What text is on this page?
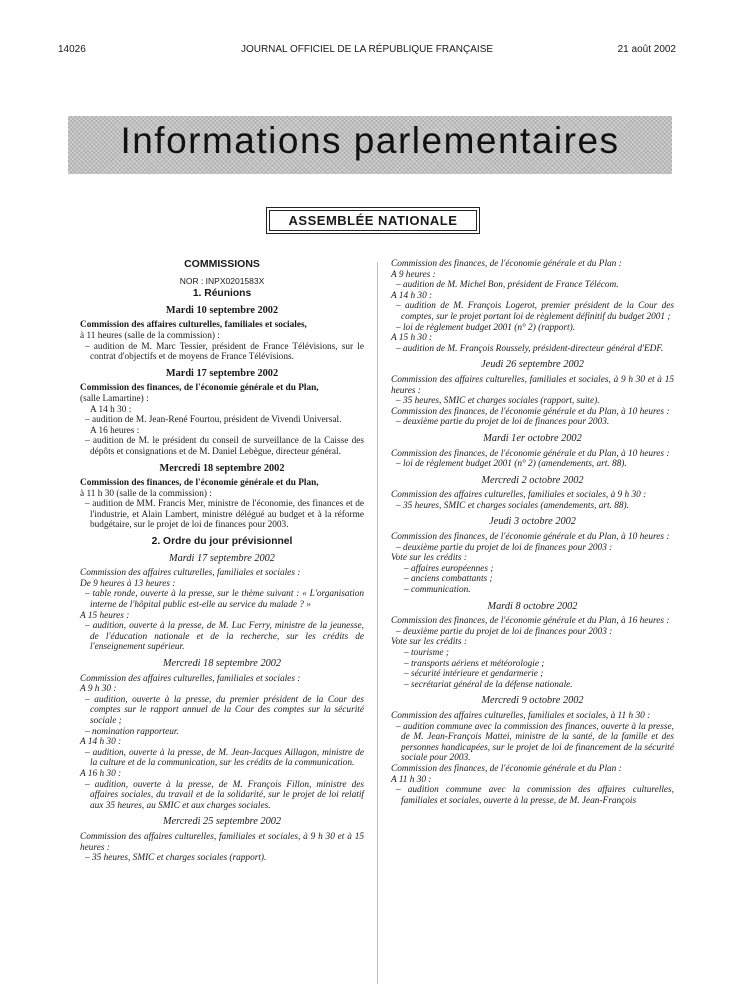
14026	JOURNAL OFFICIEL DE LA RÉPUBLIQUE FRANÇAISE	21 août 2002
Informations parlementaires
ASSEMBLÉE NATIONALE

COMMISSIONS

NOR : INPX0201583X

1. Réunions

Mardi 10 septembre 2002

Commission des affaires culturelles, familiales et sociales,

à 11 heures (salle de la commission) :

– audition de M. Marc Tessier, président de France Télévisions, sur le contrat d'objectifs et de moyens de France Télévisions.

Mardi 17 septembre 2002

Commission des finances, de l'économie générale et du Plan,

(salle Lamartine) :

A 14 h 30 :

– audition de M. Jean-René Fourtou, président de Vivendi Universal.

A 16 heures :

– audition de M. le président du conseil de surveillance de la Caisse des dépôts et consignations et de M. Daniel Lebègue, directeur général.

Mercredi 18 septembre 2002

Commission des finances, de l'économie générale et du Plan,

à 11 h 30 (salle de la commission) :

– audition de MM. Francis Mer, ministre de l'économie, des finances et de l'industrie, et Alain Lambert, ministre délégué au budget et à la réforme budgétaire, sur le projet de loi de finances pour 2003.

2. Ordre du jour prévisionnel

Mardi 17 septembre 2002

Commission des affaires culturelles, familiales et sociales :

De 9 heures à 13 heures :

– table ronde, ouverte à la presse, sur le thème suivant : « L'organisation interne de l'hôpital public est-elle au service du malade ? »

A 15 heures :

– audition, ouverte à la presse, de M. Luc Ferry, ministre de la jeunesse, de l'éducation nationale et de la recherche, sur les crédits de l'enseignement supérieur.

Mercredi 18 septembre 2002

Commission des affaires culturelles, familiales et sociales :

A 9 h 30 :

– audition, ouverte à la presse, du premier président de la Cour des comptes sur le rapport annuel de la Cour des comptes sur la sécurité sociale ;

– nomination rapporteur.

A 14 h 30 :

– audition, ouverte à la presse, de M. Jean-Jacques Aillagon, ministre de la culture et de la communication, sur les crédits de la communication.

A 16 h 30 :

– audition, ouverte à la presse, de M. François Fillon, ministre des affaires sociales, du travail et de la solidarité, sur le projet de loi relatif aux 35 heures, au SMIC et aux charges sociales.

Mercredi 25 septembre 2002

Commission des affaires culturelles, familiales et sociales, à 9 h 30 et à 15 heures :

– 35 heures, SMIC et charges sociales (rapport).

Commission des finances, de l'économie générale et du Plan :

A 9 heures :

– audition de M. Michel Bon, président de France Télécom.

A 14 h 30 :

– audition de M. François Logerot, premier président de la Cour des comptes, sur le projet portant loi de règlement définitif du budget 2001 ;

– loi de règlement budget 2001 (n° 2) (rapport).

A 15 h 30 :

– audition de M. François Roussely, président-directeur général d'EDF.

Jeudi 26 septembre 2002

Commission des affaires culturelles, familiales et sociales, à 9 h 30 et à 15 heures :

– 35 heures, SMIC et charges sociales (rapport, suite).

Commission des finances, de l'économie générale et du Plan, à 10 heures :

– deuxième partie du projet de loi de finances pour 2003.

Mardi 1er octobre 2002

Commission des finances, de l'économie générale et du Plan, à 10 heures :

– loi de règlement budget 2001 (n° 2) (amendements, art. 88).

Mercredi 2 octobre 2002

Commission des affaires culturelles, familiales et sociales, à 9 h 30 :

– 35 heures, SMIC et charges sociales (amendements, art. 88).

Jeudi 3 octobre 2002

Commission des finances, de l'économie générale et du Plan, à 10 heures :

– deuxième partie du projet de loi de finances pour 2003 :

Vote sur les crédits :

– affaires européennes ;

– anciens combattants ;

– communication.

Mardi 8 octobre 2002

Commission des finances, de l'économie générale et du Plan, à 16 heures :

– deuxième partie du projet de loi de finances pour 2003 :

Vote sur les crédits :

– tourisme ;

– transports aériens et météorologie ;

– sécurité intérieure et gendarmerie ;

– secrétariat général de la défense nationale.

Mercredi 9 octobre 2002

Commission des affaires culturelles, familiales et sociales, à 11 h 30 :

– audition commune avec la commission des finances, ouverte à la presse, de M. Jean-François Mattei, ministre de la santé, de la famille et des personnes handicapées, sur le projet de loi de financement de la sécurité sociale pour 2003.

Commission des finances, de l'économie générale et du Plan :

A 11 h 30 :

– audition commune avec la commission des affaires culturelles, familiales et sociales, ouverte à la presse, de M. Jean-François
